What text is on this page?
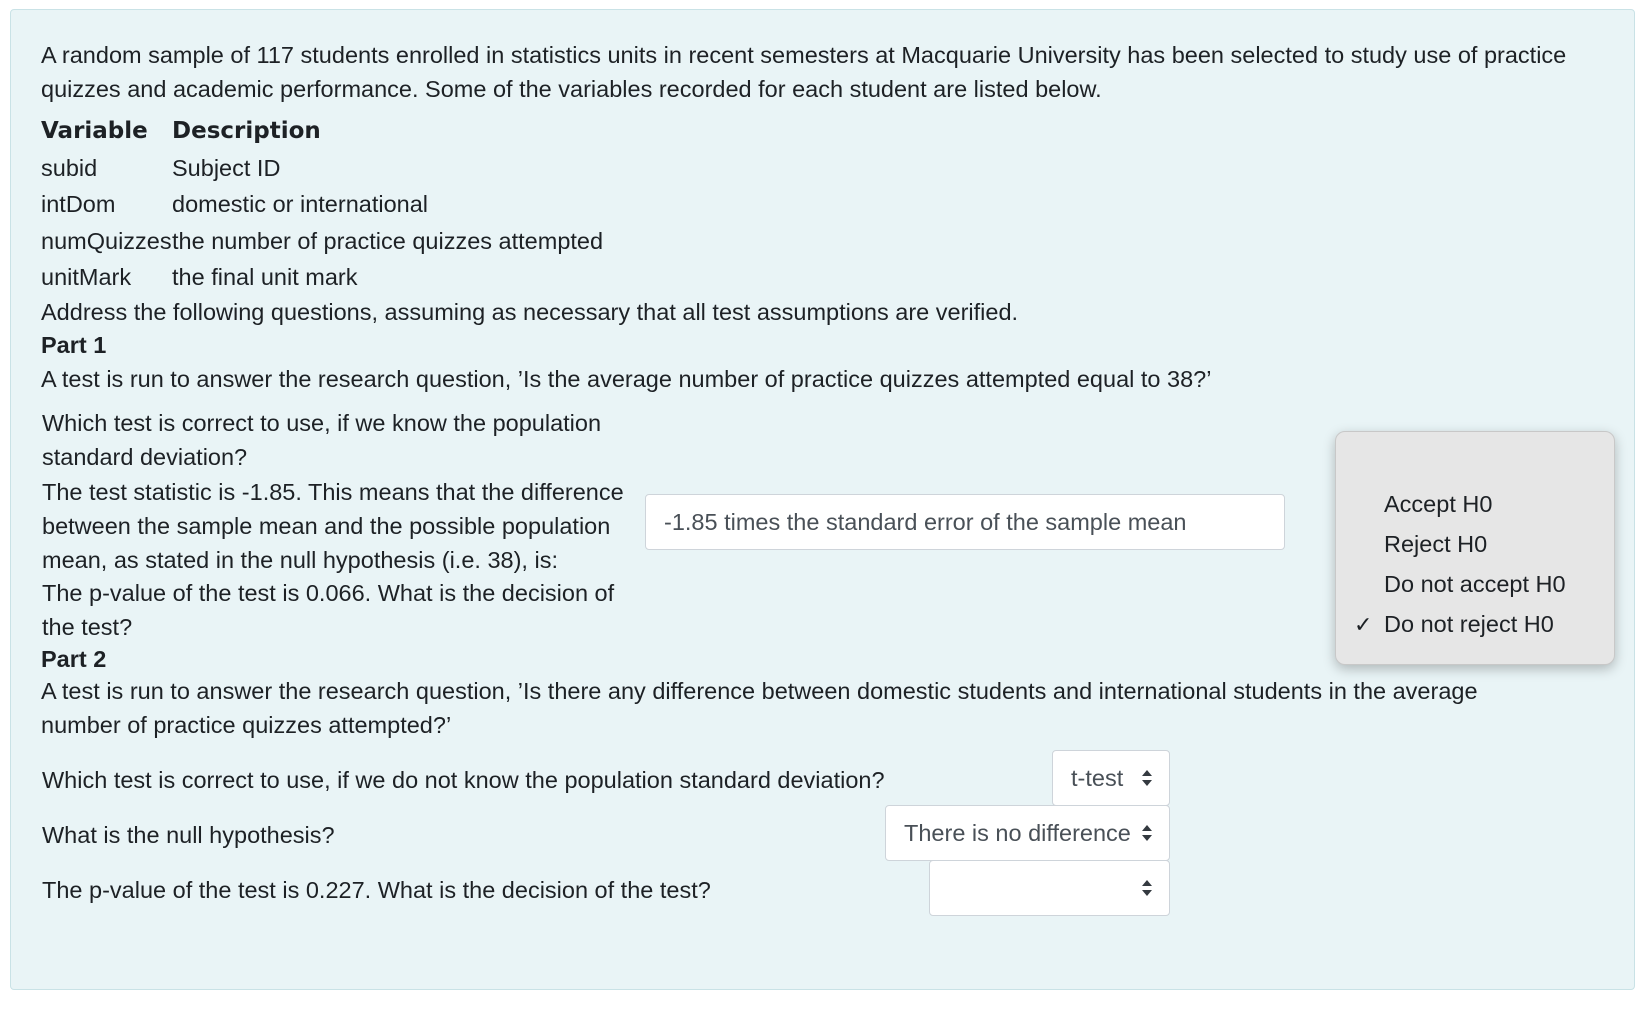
A random sample of 117 students enrolled in statistics units in recent semesters at Macquarie University has been selected to study use of practice quizzes and academic performance. Some of the variables recorded for each student are listed below.
Variable Description
subid	Subject ID
intDom domestic or international
numQuizzes the number of practice quizzes attempted
unitMark the final unit mark
Address the following questions, assuming as necessary that all test assumptions are verified.
Part 1
A test is run to answer the research question, ’Is the average number of practice quizzes attempted equal to 38?’
Which test is correct to use, if we know the population
standard deviation?
The test statistic is -1.85. This means that the difference
between the sample mean and the possible population
mean, as stated in the null hypothesis (i.e. 38), is:
-1.85 times the standard error of the sample mean
The p-value of the test is 0.066. What is the decision of
the test?
Part 2
A test is run to answer the research question, ’Is there any difference between domestic students and international students in the average
number of practice quizzes attempted?’
Which test is correct to use, if we do not know the population standard deviation?	t-test
What is the null hypothesis?	There is no difference
The p-value of the test is 0.227. What is the decision of the test?
Accept H0
Reject H0
Do not accept H0
✓ Do not reject H0
